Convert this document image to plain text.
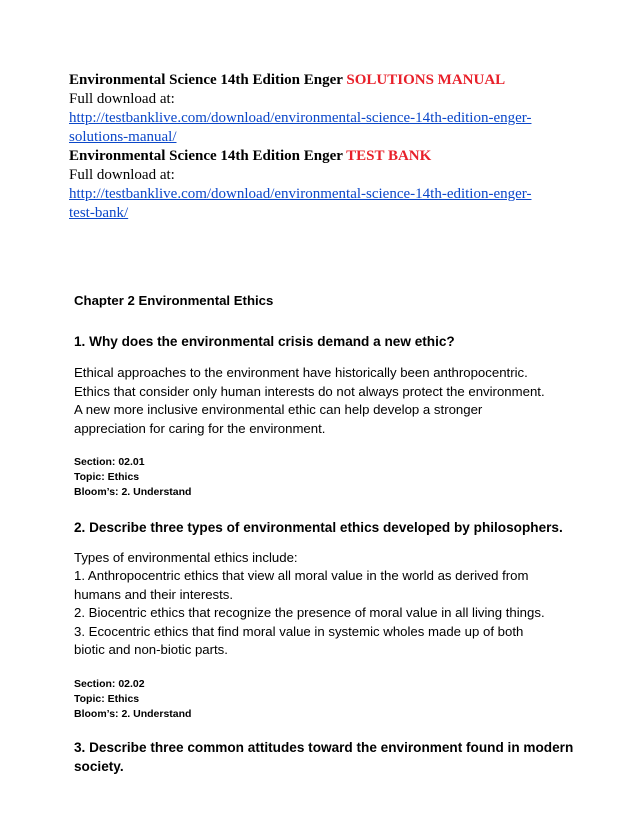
Environmental Science 14th Edition Enger SOLUTIONS MANUAL
Full download at:
http://testbanklive.com/download/environmental-science-14th-edition-enger-
solutions-manual/
Environmental Science 14th Edition Enger TEST BANK
Full download at:
http://testbanklive.com/download/environmental-science-14th-edition-enger-
test-bank/
Chapter 2 Environmental Ethics
1. Why does the environmental crisis demand a new ethic?
Ethical approaches to the environment have historically been anthropocentric.
Ethics that consider only human interests do not always protect the environment.
A new more inclusive environmental ethic can help develop a stronger
appreciation for caring for the environment.
Section: 02.01
Topic: Ethics
Bloom’s: 2. Understand
2. Describe three types of environmental ethics developed by philosophers.
Types of environmental ethics include:
1. Anthropocentric ethics that view all moral value in the world as derived from
humans and their interests.
2. Biocentric ethics that recognize the presence of moral value in all living things.
3. Ecocentric ethics that find moral value in systemic wholes made up of both
biotic and non-biotic parts.
Section: 02.02
Topic: Ethics
Bloom’s: 2. Understand
3. Describe three common attitudes toward the environment found in modern
society.
